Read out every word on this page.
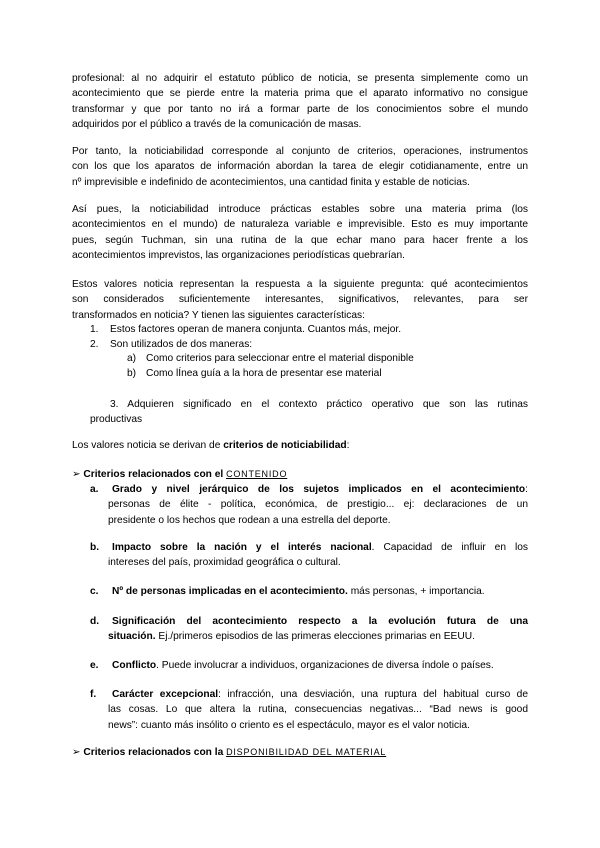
profesional: al no adquirir el estatuto público de noticia, se presenta simplemente como un
acontecimiento que se pierde entre la materia prima que el aparato informativo no consigue
transformar y que por tanto no irá a formar parte de los conocimientos sobre el mundo
adquiridos por el público a través de la comunicación de masas.
Por tanto, la noticiabilidad corresponde al conjunto de criterios, operaciones, instrumentos
con los que los aparatos de información abordan la tarea de elegir cotidianamente, entre un
nº imprevisible e indefinido de acontecimientos, una cantidad finita y estable de noticias.
Así pues, la noticiabilidad introduce prácticas estables sobre una materia prima (los
acontecimientos en el mundo) de naturaleza variable e imprevisible. Esto es muy importante
pues, según Tuchman, sin una rutina de la que echar mano para hacer frente a los
acontecimientos imprevistos, las organizaciones periodísticas quebrarían.
Estos valores noticia representan la respuesta a la siguiente pregunta: qué acontecimientos
son considerados suficientemente interesantes, significativos, relevantes, para ser
transformados en noticia? Y tienen las siguientes características:
1. Estos factores operan de manera conjunta. Cuantos más, mejor.
2. Son utilizados de dos maneras:
a) Como criterios para seleccionar entre el material disponible
b) Como lÍnea guía a la hora de presentar ese material
3. Adquieren significado en el contexto práctico operativo que son las rutinas
productivas
Los valores noticia se derivan de criterios de noticiabilidad:
➢ Criterios relacionados con el CONTENIDO
a. Grado y nivel jerárquico de los sujetos implicados en el acontecimiento:
personas de élite - política, económica, de prestigio... ej: declaraciones de un
presidente o los hechos que rodean a una estrella del deporte.
b. Impacto sobre la nación y el interés nacional. Capacidad de influir en los
intereses del país, proximidad geográfica o cultural.
c. Nº de personas implicadas en el acontecimiento. más personas, + importancia.
d. Significación del acontecimiento respecto a la evolución futura de una
situación. Ej./primeros episodios de las primeras elecciones primarias en EEUU.
e. Conflicto. Puede involucrar a individuos, organizaciones de diversa índole o países.
f. Carácter excepcional: infracción, una desviación, una ruptura del habitual curso de
las cosas. Lo que altera la rutina, consecuencias negativas... “Bad news is good
news”: cuanto más insólito o criento es el espectáculo, mayor es el valor noticia.
➢ Criterios relacionados con la DISPONIBILIDAD DEL MATERIAL
